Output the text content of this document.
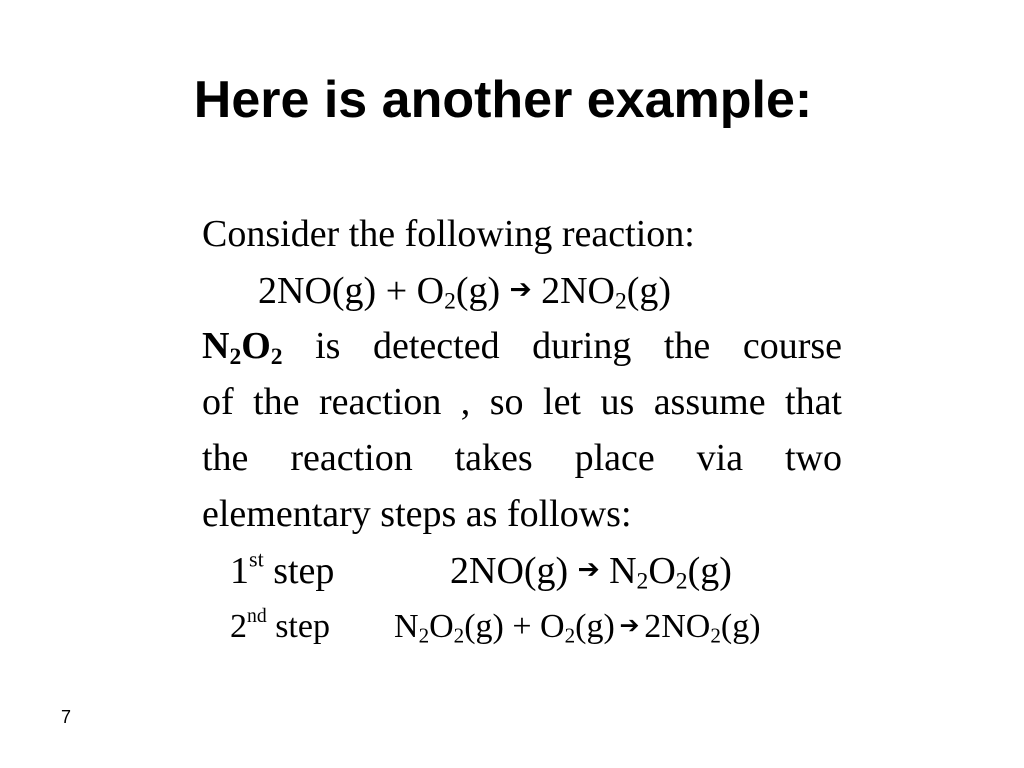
Here is another example:
Consider the following reaction:
$2NO(g) + O_2(g)$ ➔ $2NO_2(g)$
$N_2O_2$ is detected during the course
of the reaction , so let us assume that
the reaction takes place via two
elementary steps as follows:
1st step	2NO(g) ➔ $N_2O_2(g)$
2nd step $N_2O_2(g) + O_2(g)$ ➔ $2NO_2(g)$
7
